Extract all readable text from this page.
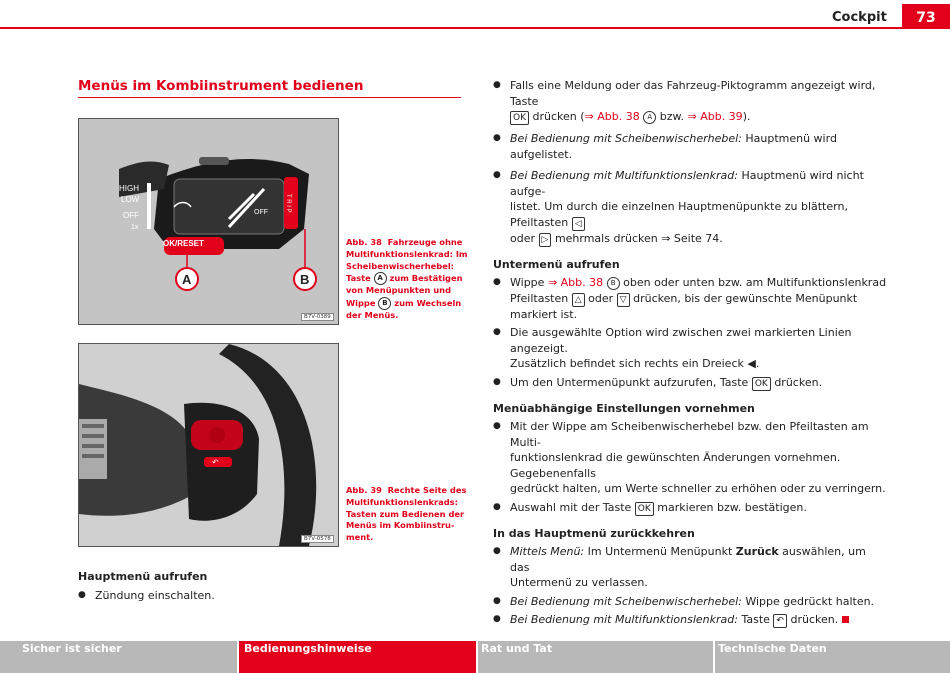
Cockpit	73
Menüs im Kombiinstrument bedienen
HIGH
LOW
OFF
1x
OK/RESET
OFF	T R I P
A	B
B7V-0389
Abb. 38 Fahrzeuge ohne
Multifunktionslenkrad: Im
Scheibenwischerhebel:
Taste A zum Bestätigen
von Menüpunkten und
Wippe B zum Wechseln
der Menüs.
↶
B7V-0578
Abb. 39 Rechte Seite des
Multifunktionslenkrads:
Tasten zum Bedienen der
Menüs im Kombiinstru-
ment.
Hauptmenü aufrufen

● Zündung einschalten.

● Falls eine Meldung oder das Fahrzeug-Piktogramm angezeigt wird, Taste
OK drücken (⇒ Abb. 38 A bzw. ⇒ Abb. 39).

● Bei Bedienung mit Scheibenwischerhebel: Hauptmenü wird aufgelistet.

● Bei Bedienung mit Multifunktionslenkrad: Hauptmenü wird nicht aufge-
listet. Um durch die einzelnen Hauptmenüpunkte zu blättern, Pfeiltasten ◁
oder ▷ mehrmals drücken ⇒ Seite 74.

Untermenü aufrufen

● Wippe ⇒ Abb. 38 B oben oder unten bzw. am Multifunktionslenkrad
Pfeiltasten △ oder ▽ drücken, bis der gewünschte Menüpunkt markiert ist.

● Die ausgewählte Option wird zwischen zwei markierten Linien angezeigt.
Zusätzlich befindet sich rechts ein Dreieck ◀.

● Um den Untermenüpunkt aufzurufen, Taste OK drücken.

Menüabhängige Einstellungen vornehmen

● Mit der Wippe am Scheibenwischerhebel bzw. den Pfeiltasten am Multi-
funktionslenkrad die gewünschten Änderungen vornehmen. Gegebenenfalls
gedrückt halten, um Werte schneller zu erhöhen oder zu verringern.

● Auswahl mit der Taste OK markieren bzw. bestätigen.

In das Hauptmenü zurückkehren

● Mittels Menü: Im Untermenü Menüpunkt Zurück auswählen, um das
Untermenü zu verlassen.

● Bei Bedienung mit Scheibenwischerhebel: Wippe gedrückt halten.

● Bei Bedienung mit Multifunktionslenkrad: Taste ↶ drücken.

Sicher ist sicher	Bedienungshinweise	Rat und Tat	Technische Daten
